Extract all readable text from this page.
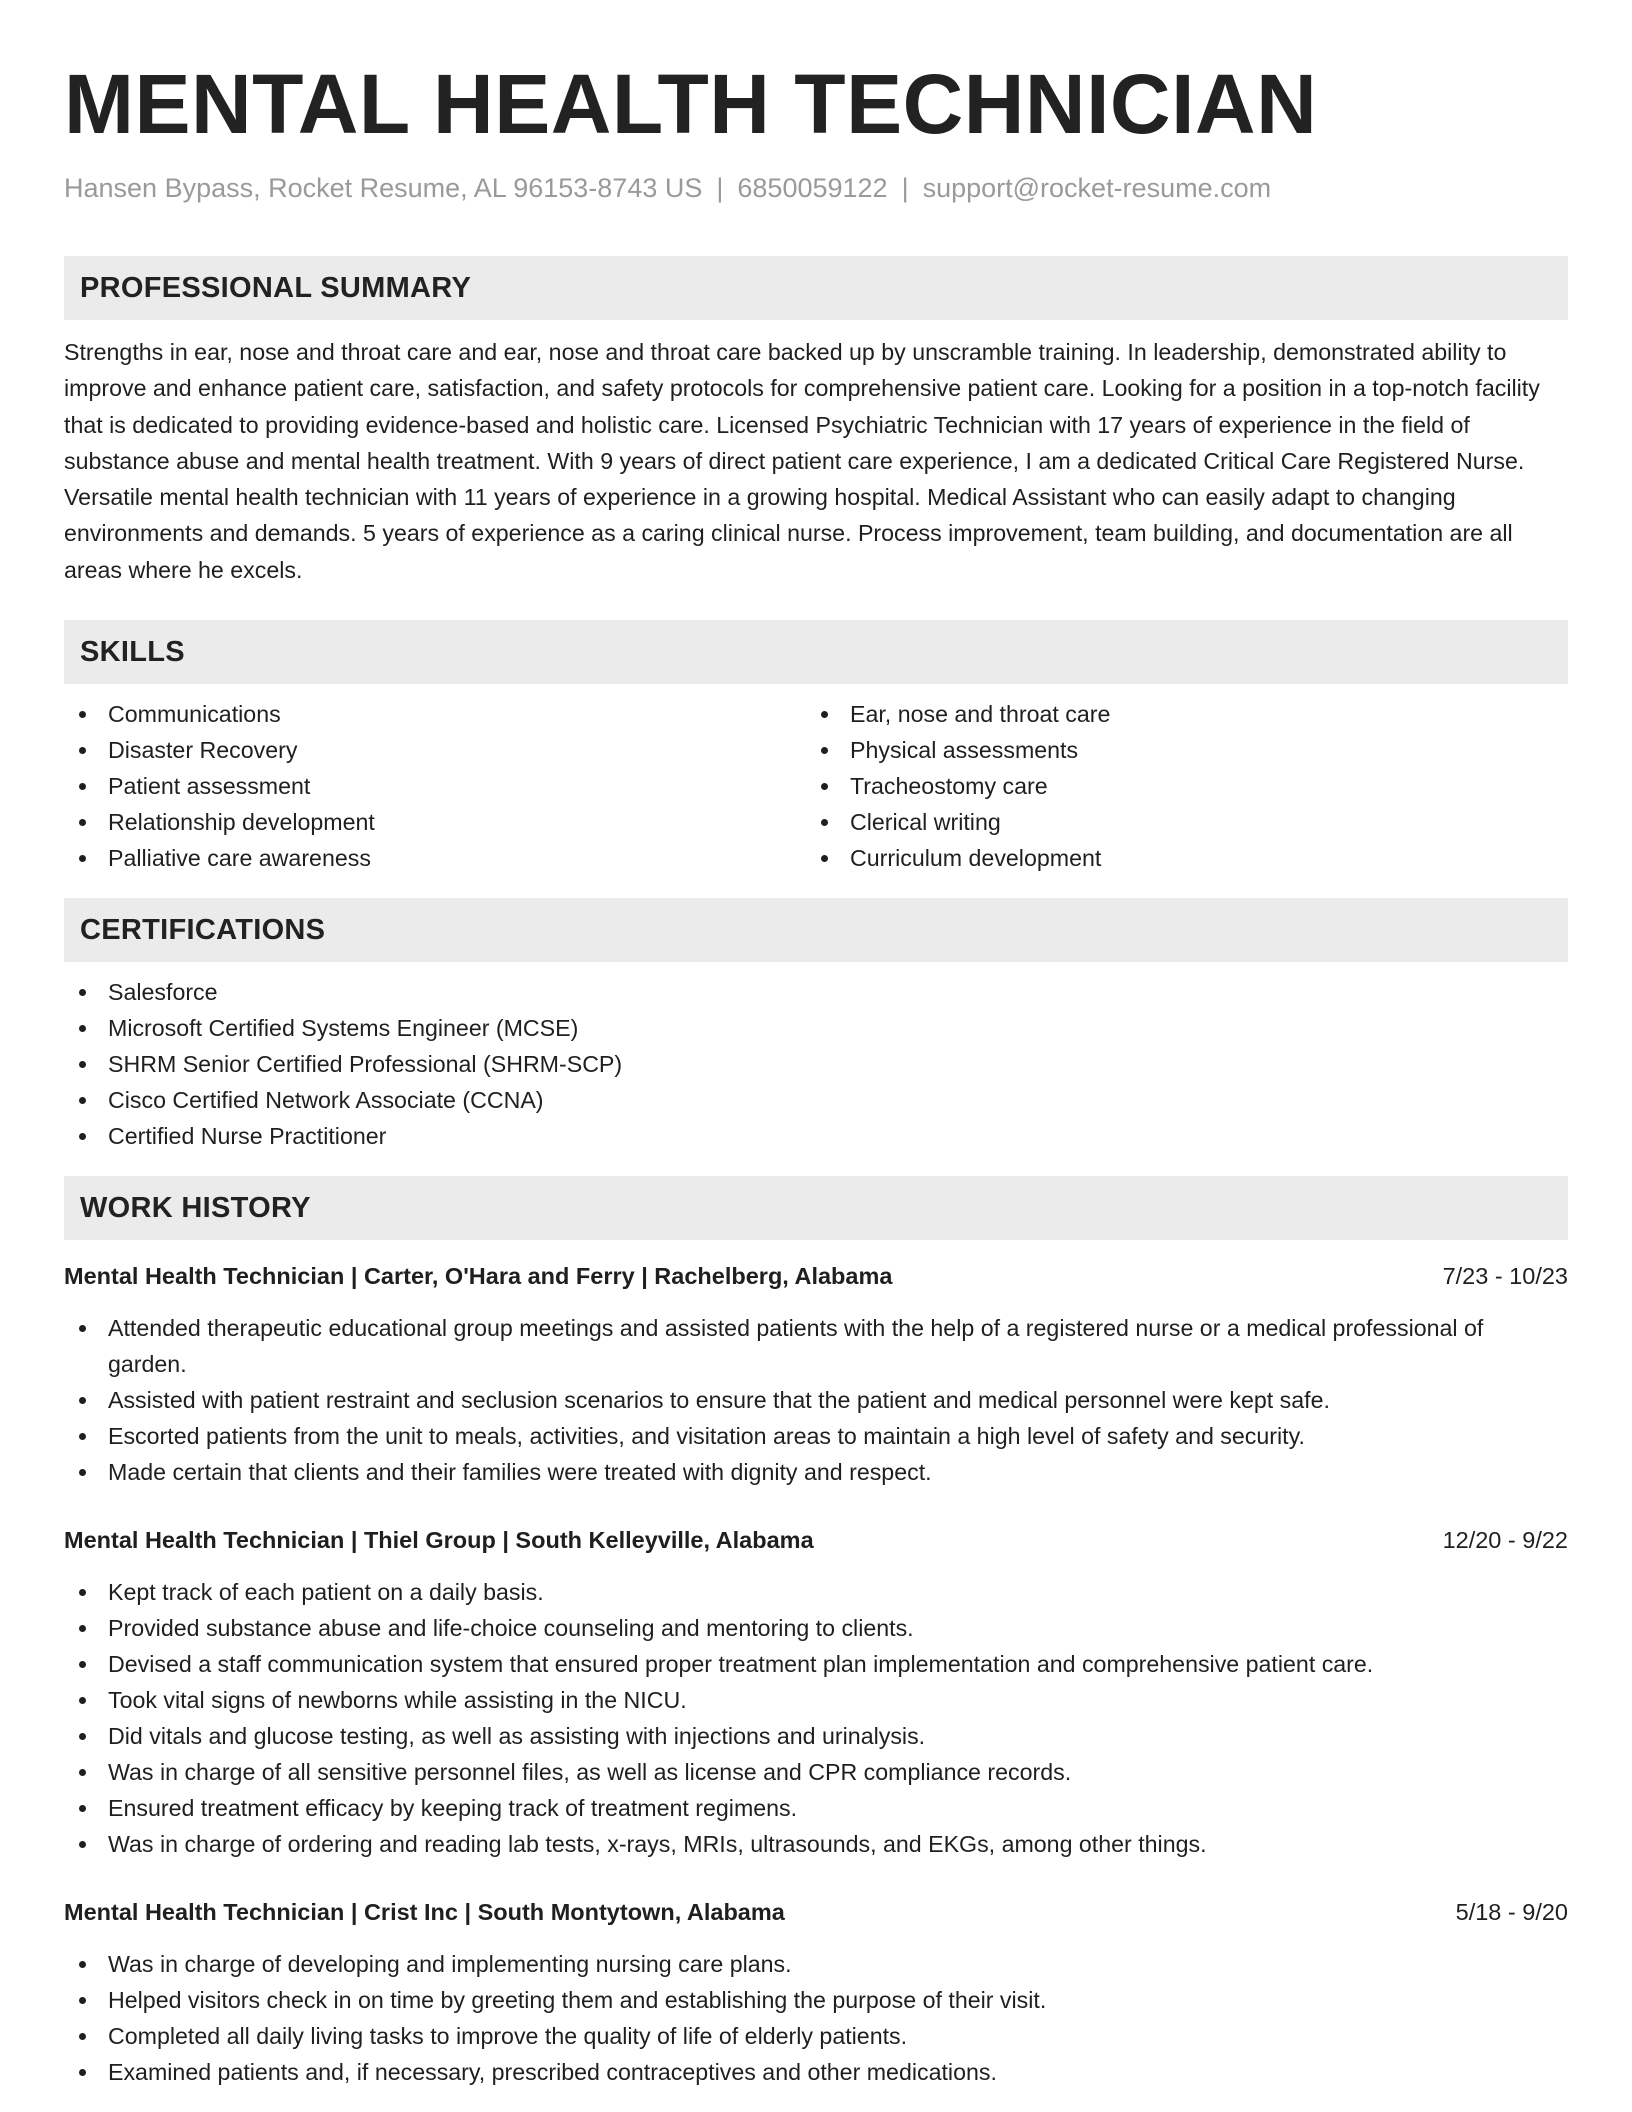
MENTAL HEALTH TECHNICIAN
Hansen Bypass, Rocket Resume, AL 96153-8743 US | 6850059122 | support@rocket-resume.com
PROFESSIONAL SUMMARY
Strengths in ear, nose and throat care and ear, nose and throat care backed up by unscramble training. In leadership, demonstrated ability to improve and enhance patient care, satisfaction, and safety protocols for comprehensive patient care. Looking for a position in a top-notch facility that is dedicated to providing evidence-based and holistic care. Licensed Psychiatric Technician with 17 years of experience in the field of substance abuse and mental health treatment. With 9 years of direct patient care experience, I am a dedicated Critical Care Registered Nurse. Versatile mental health technician with 11 years of experience in a growing hospital. Medical Assistant who can easily adapt to changing environments and demands. 5 years of experience as a caring clinical nurse. Process improvement, team building, and documentation are all areas where he excels.
SKILLS
Communications
Disaster Recovery
Patient assessment
Relationship development
Palliative care awareness
Ear, nose and throat care
Physical assessments
Tracheostomy care
Clerical writing
Curriculum development
CERTIFICATIONS
Salesforce
Microsoft Certified Systems Engineer (MCSE)
SHRM Senior Certified Professional (SHRM-SCP)
Cisco Certified Network Associate (CCNA)
Certified Nurse Practitioner
WORK HISTORY
Mental Health Technician | Carter, O'Hara and Ferry | Rachelberg, Alabama	7/23 - 10/23
Attended therapeutic educational group meetings and assisted patients with the help of a registered nurse or a medical professional of garden.
Assisted with patient restraint and seclusion scenarios to ensure that the patient and medical personnel were kept safe.
Escorted patients from the unit to meals, activities, and visitation areas to maintain a high level of safety and security.
Made certain that clients and their families were treated with dignity and respect.
Mental Health Technician | Thiel Group | South Kelleyville, Alabama	12/20 - 9/22
Kept track of each patient on a daily basis.
Provided substance abuse and life-choice counseling and mentoring to clients.
Devised a staff communication system that ensured proper treatment plan implementation and comprehensive patient care.
Took vital signs of newborns while assisting in the NICU.
Did vitals and glucose testing, as well as assisting with injections and urinalysis.
Was in charge of all sensitive personnel files, as well as license and CPR compliance records.
Ensured treatment efficacy by keeping track of treatment regimens.
Was in charge of ordering and reading lab tests, x-rays, MRIs, ultrasounds, and EKGs, among other things.
Mental Health Technician | Crist Inc | South Montytown, Alabama	5/18 - 9/20
Was in charge of developing and implementing nursing care plans.
Helped visitors check in on time by greeting them and establishing the purpose of their visit.
Completed all daily living tasks to improve the quality of life of elderly patients.
Examined patients and, if necessary, prescribed contraceptives and other medications.
